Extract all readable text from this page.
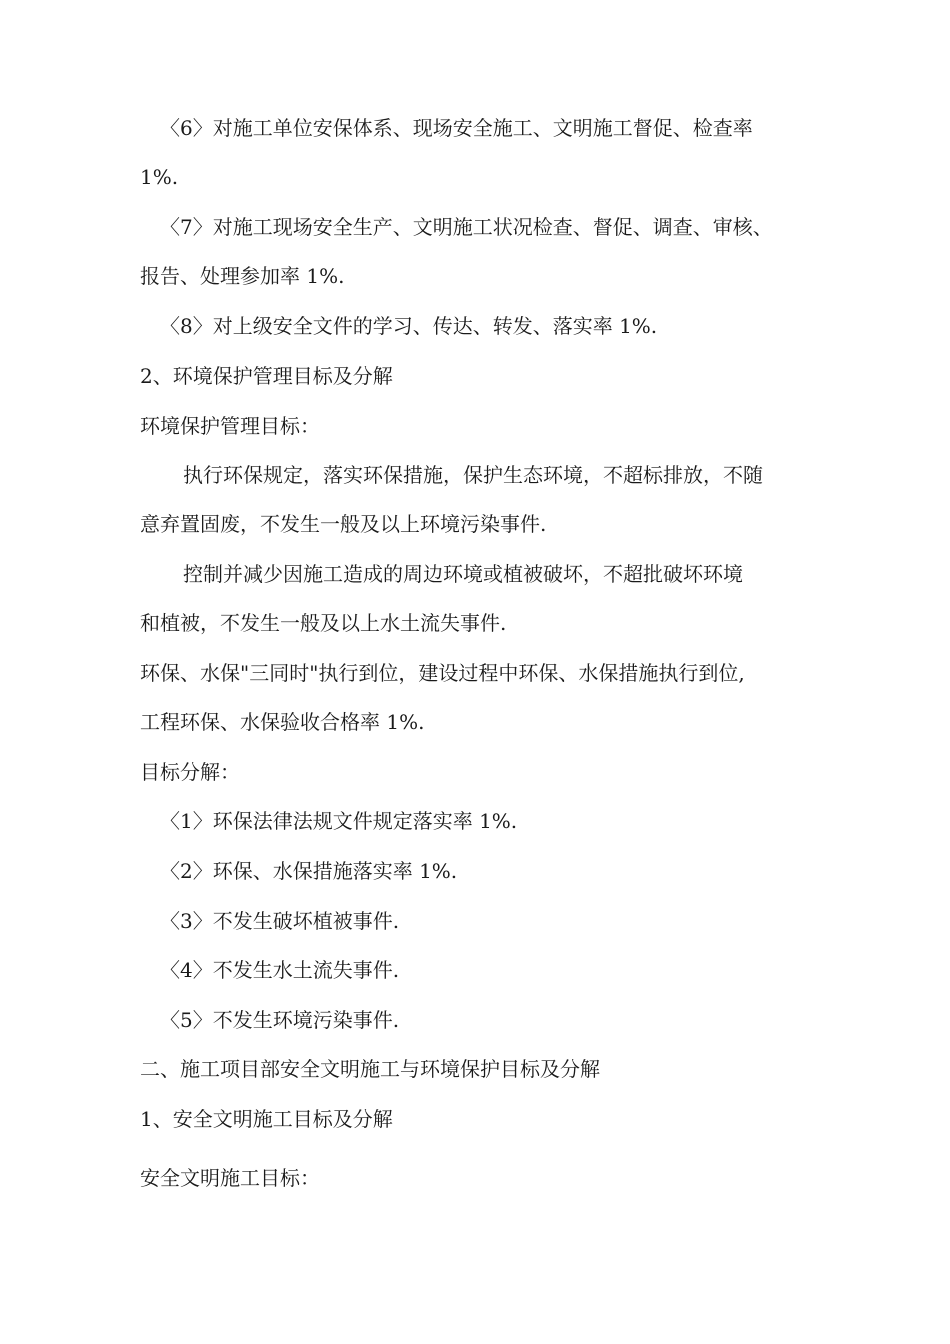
〈6〉对施工单位安保体系、现场安全施工、文明施工督促、检查率
1%.
〈7〉对施工现场安全生产、文明施工状况检查、督促、调查、审核、
报告、处理参加率 1%.
〈8〉对上级安全文件的学习、传达、转发、落实率 1%.
2、环境保护管理目标及分解
环境保护管理目标：
执行环保规定，落实环保措施，保护生态环境，不超标排放，不随
意弃置固废，不发生一般及以上环境污染事件.
控制并减少因施工造成的周边环境或植被破坏，不超批破坏环境
和植被，不发生一般及以上水土流失事件.
环保、水保"三同时"执行到位，建设过程中环保、水保措施执行到位,
工程环保、水保验收合格率 1%.
目标分解：
〈1〉环保法律法规文件规定落实率 1%.
〈2〉环保、水保措施落实率 1%.
〈3〉不发生破坏植被事件.
〈4〉不发生水土流失事件.
〈5〉不发生环境污染事件.
二、施工项目部安全文明施工与环境保护目标及分解
1、安全文明施工目标及分解
安全文明施工目标：
